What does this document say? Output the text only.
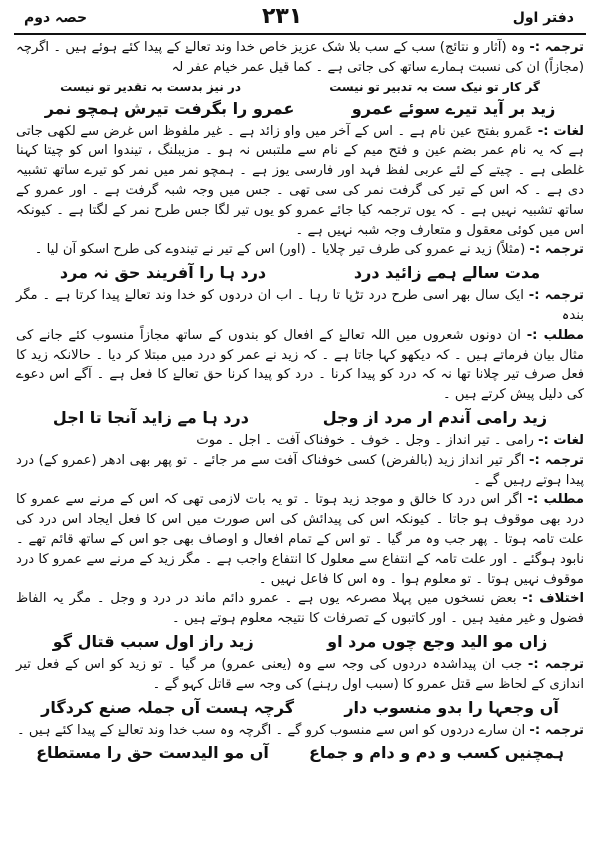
حصہ دوم	٢٣١	دفتر اول

ترجمہ :- وہ (آثار و نتائج) سب کے سب بلا شک عزیز خاص خدا وند تعالےٰ کے پیدا کئے ہوئے ہیں ۔ اگرچہ (مجازاً) ان کی نسبت ہمارے ساتھ کی جاتی ہے ۔ کما قیل عمر خیام عفر لہ

گر کار تو نیک ست بہ تدبیر تو نیست
در نیز بدست بہ تقدیر تو نیست
زید بر آید تیرے سوئے عمرو
عمرو را بگرفت تیرش ہمچو نمر

لغات :- عَمرو بفتح عین نام ہے ۔ اس کے آخر میں واو زائد ہے ۔ غیر ملفوظ اس غرض سے لکھی جاتی ہے کہ یہ نام عمر بضم عین و فتح میم کے نام سے ملتبس نہ ہو ۔ مزیبلنگ ، تیندوا اس کو چیتا کہنا غلطی ہے ۔ چیتے کے لئے عربی لفظ فہد اور فارسی یوز ہے ۔ ہمچو نمر میں نمر کو تیرے ساتھ تشبیہ دی ہے ۔ کہ اس کے تیر کی گرفت نمر کی سی تھی ۔ جس میں وجہ شبہ گرفت ہے ۔ اور عمرو کے ساتھ تشبیہ نہیں ہے ۔ کہ یوں ترجمہ کیا جائے عمرو کو یوں تیر لگا جس طرح نمر کے لگتا ہے ۔ کیونکہ اس میں کوئی معقول و متعارف وجہ شبہ نہیں ہے ۔

ترجمہ :- (مثلاً) زید نے عمرو کی طرف تیر چلایا ۔ (اور) اس کے تیر نے تیندوے کی طرح اسکو آن لیا ۔

مدت سالے ہمے زائید درد
درد ہا را آفریند حق نہ مرد

ترجمہ :- ایک سال بھر اسی طرح درد تڑپا تا رہا ۔ اب ان دردوں کو خدا وند تعالےٰ پیدا کرتا ہے ۔ مگر بندہ

مطلب :- ان دونوں شعروں میں اللہ تعالےٰ کے افعال کو بندوں کے ساتھ مجازاً منسوب کئے جانے کی مثال بیان فرماتے ہیں ۔ کہ دیکھو کہا جاتا ہے ۔ کہ زید نے عمر کو درد میں مبتلا کر دیا ۔ حالانکہ زید کا فعل صرف تیر چلانا تھا نہ کہ درد کو پیدا کرنا ۔ درد کو پیدا کرنا حق تعالےٰ کا فعل ہے ۔ آگے اس دعوے کی دلیل پیش کرتے ہیں ۔

زید رامی آندم ار مرد از وجل
درد ہا مے زاید آنجا تا اجل

لغات :- رامی ۔ تیر انداز ۔ وجل ۔ خوف ۔ خوفناک آفت ۔ اجل ۔ موت

ترجمہ :- اگر تیر انداز زید (بالفرض) کسی خوفناک آفت سے مر جائے ۔ تو پھر بھی ادھر (عمرو کے) درد پیدا ہوتے رہیں گے ۔

مطلب :- اگر اس درد کا خالق و موجد زید ہوتا ۔ تو یہ بات لازمی تھی کہ اس کے مرنے سے عمرو کا درد بھی موقوف ہو جاتا ۔ کیونکہ اس کی پیدائش کی اس صورت میں اس کا فعل ایجاد اس درد کی علت تامہ ہوتا ۔ پھر جب وہ مر گیا ۔ تو اس کے تمام افعال و اوصاف بھی جو اس کے ساتھ قائم تھے ۔ نابود ہوگئے ۔ اور علت تامہ کے انتفاع سے معلول کا انتفاع واجب ہے ۔ مگر زید کے مرنے سے عمرو کا درد موقوف نہیں ہوتا ۔ تو معلوم ہوا ۔ وہ اس کا فاعل نہیں ۔

اختلاف :- بعض نسخوں میں پہلا مصرعہ یوں ہے ۔ عمرو دائم ماند در درد و وجل ۔ مگر یہ الفاظ فضول و غیر مفید ہیں ۔ اور کاتبوں کے تصرفات کا نتیجہ معلوم ہوتے ہیں ۔

زاں مو الید وجع چوں مرد او
زید راز اول سبب قتال گو

ترجمہ :- جب ان پیداشدہ دردوں کی وجہ سے وہ (یعنی عمرو) مر گیا ۔ تو زید کو اس کے فعل تیر اندازی کے لحاظ سے قتل عمرو کا (سبب اول رہنے) کی وجہ سے قاتل کہو گے ۔

آں وجعہا را بدو منسوب دار
گرچہ ہست آں جملہ صنع کردگار

ترجمہ :- ان سارے دردوں کو اس سے منسوب کرو گے ۔ اگرچہ وہ سب خدا وند تعالےٰ کے پیدا کئے ہیں ۔

ہمچنیں کسب و دم و دام و جماع
آں مو الیدست حق را مستطاع
